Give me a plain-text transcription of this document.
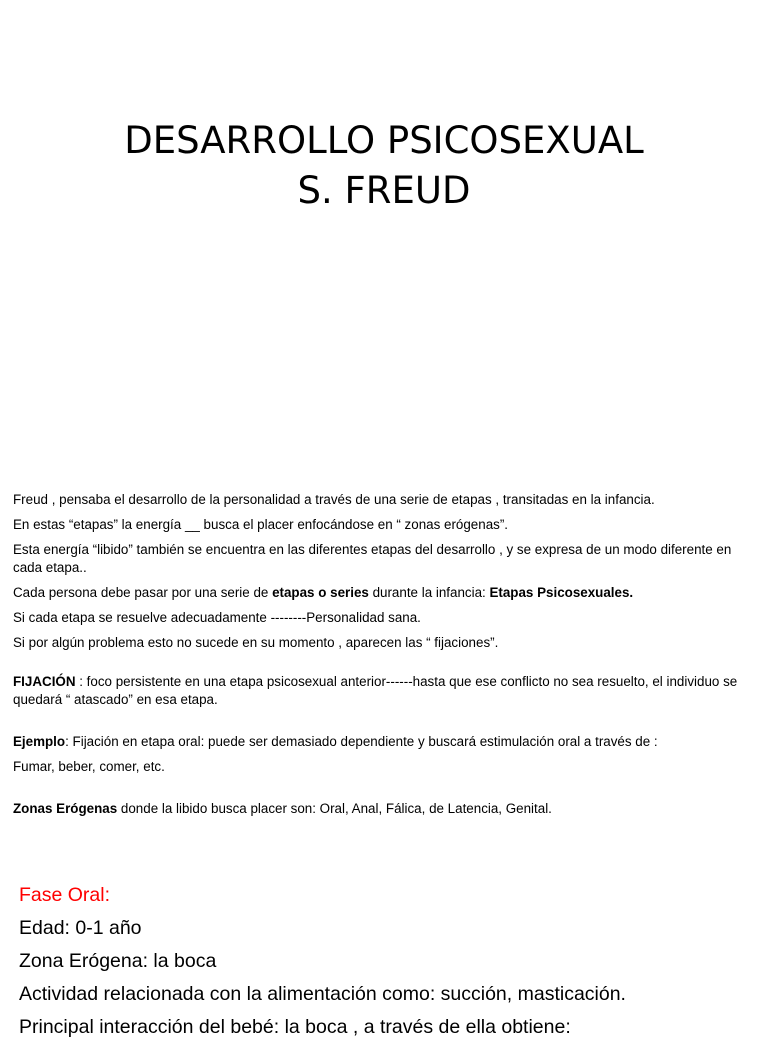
DESARROLLO PSICOSEXUAL
S. FREUD

Freud , pensaba el desarrollo de la personalidad a través de una serie de etapas , transitadas en la infancia.

En estas “etapas” la energía __ busca el placer enfocándose en “ zonas erógenas”.

Esta energía “libido” también se encuentra en las diferentes etapas del desarrollo , y se expresa de un modo diferente en cada etapa..

Cada persona debe pasar por una serie de etapas o series durante la infancia: Etapas Psicosexuales.

Si cada etapa se resuelve adecuadamente --------Personalidad sana.

Si por algún problema esto no sucede en su momento , aparecen las “ fijaciones”.

FIJACIÓN : foco persistente en una etapa psicosexual anterior------hasta que ese conflicto no sea resuelto, el individuo se quedará “ atascado” en esa etapa.

Ejemplo: Fijación en etapa oral: puede ser demasiado dependiente y buscará estimulación oral a través de :

Fumar, beber, comer, etc.

Zonas Erógenas donde la libido busca placer son: Oral, Anal, Fálica, de Latencia, Genital.

Fase Oral:

Edad: 0-1 año

Zona Erógena: la boca

Actividad relacionada con la alimentación como: succión, masticación.

Principal interacción del bebé: la boca , a través de ella obtiene:
